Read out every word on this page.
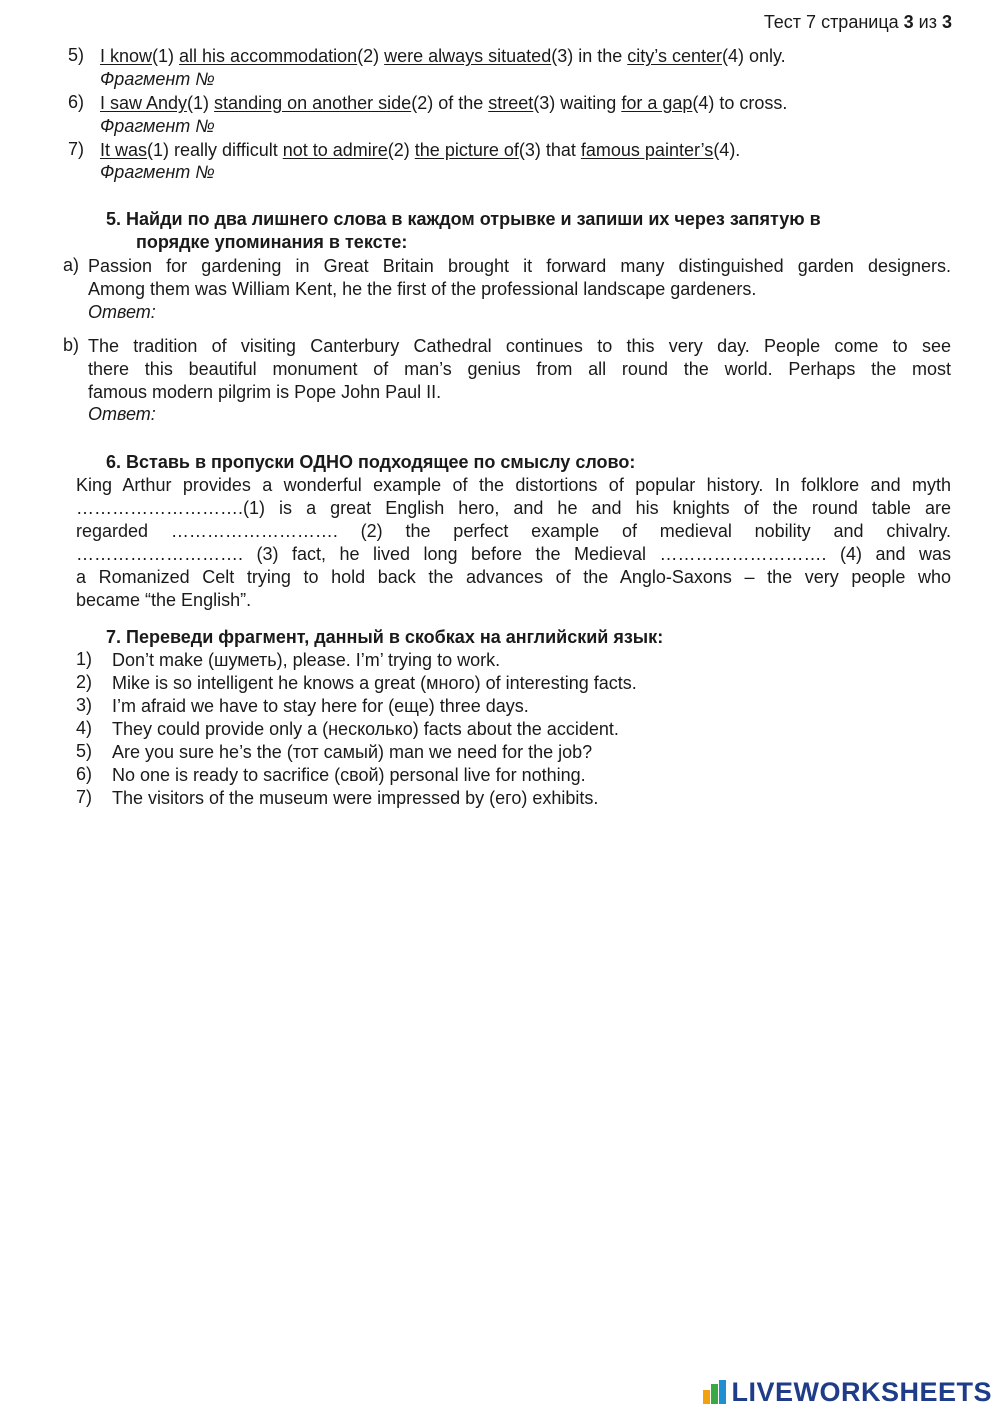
Тест 7 страница 3 из 3
5) I know(1) all his accommodation(2) were always situated(3) in the city’s center(4) only.
Фрагмент №
6) I saw Andy(1) standing on another side(2) of the street(3) waiting for a gap(4) to cross.
Фрагмент №
7) It was(1) really difficult not to admire(2) the picture of(3) that famous painter’s(4).
Фрагмент №
5. Найди по два лишнего слова в каждом отрывке и запиши их через запятую в
порядке упоминания в тексте:
a) Passion for gardening in Great Britain brought it forward many distinguished garden designers.
Among them was William Kent, he the first of the professional landscape gardeners.
Ответ:
b) The tradition of visiting Canterbury Cathedral continues to this very day. People come to see
there this beautiful monument of man’s genius from all round the world. Perhaps the most
famous modern pilgrim is Pope John Paul II.
Ответ:
6. Вставь в пропуски ОДНО подходящее по смыслу слово:
King Arthur provides a wonderful example of the distortions of popular history. In folklore and myth
……………………….(1) is a great English hero, and he and his knights of the round table are
regarded ………………………. (2) the perfect example of medieval nobility and chivalry.
………………………. (3) fact, he lived long before the Medieval ………………………. (4) and was
a Romanized Celt trying to hold back the advances of the Anglo-Saxons – the very people who
became “the English”.
7. Переведи фрагмент, данный в скобках на английский язык:
1) Don’t make (шуметь), please. I’m’ trying to work.
2) Mike is so intelligent he knows a great (много) of interesting facts.
3) I’m afraid we have to stay here for (еще) three days.
4) They could provide only a (несколько) facts about the accident.
5) Are you sure he’s the (тот самый) man we need for the job?
6) No one is ready to sacrifice (свой) personal live for nothing.
7) The visitors of the museum were impressed by (его) exhibits.
LIVEWORKSHEETS
